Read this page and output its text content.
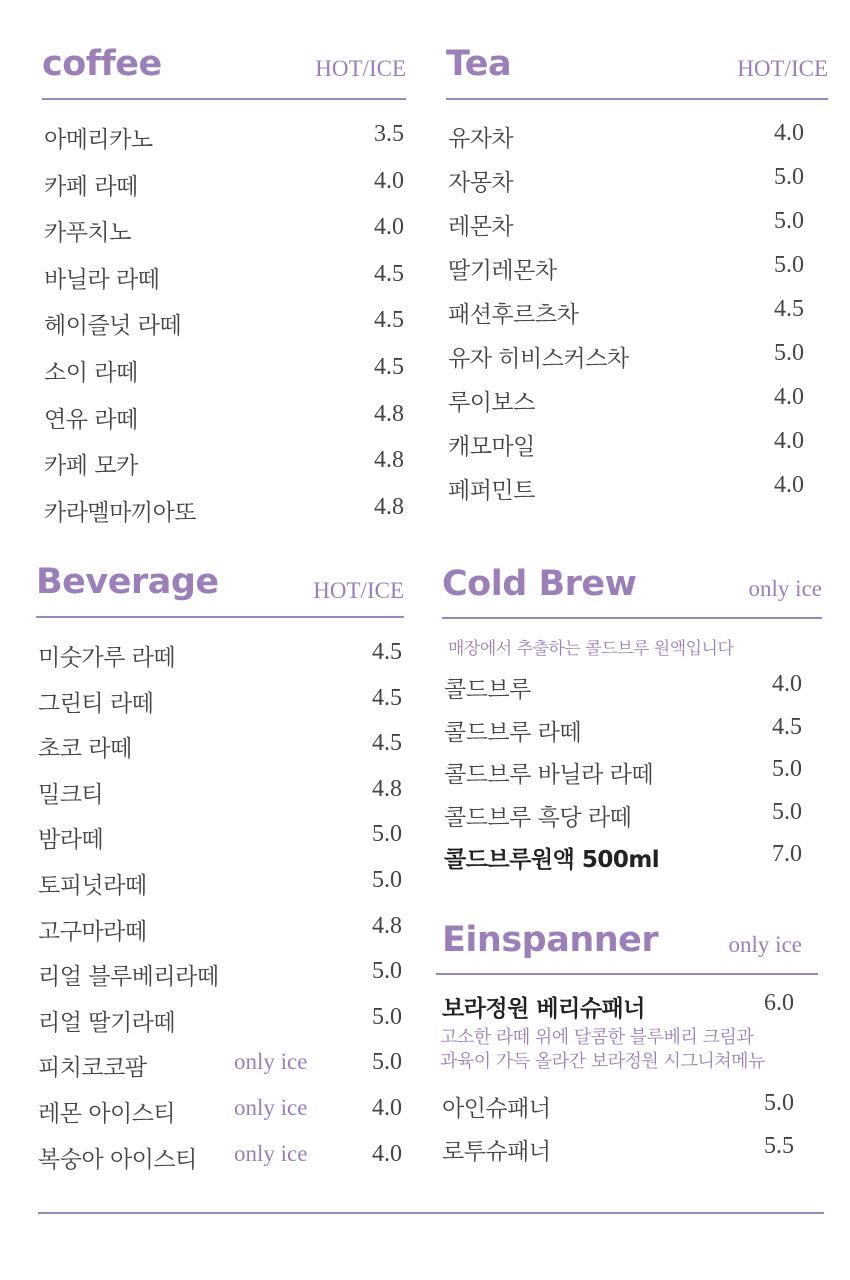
coffee	HOT/ICE
아메리카노	3.5
카페 라떼	4.0
카푸치노	4.0
바닐라 라떼	4.5
헤이즐넛 라떼	4.5
소이 라떼	4.5
연유 라떼	4.8
카페 모카	4.8
카라멜마끼아또	4.8
Tea	HOT/ICE
유자차	4.0
자몽차	5.0
레몬차	5.0
딸기레몬차	5.0
패션후르츠차	4.5
유자 히비스커스차	5.0
루이보스	4.0
캐모마일	4.0
페퍼민트	4.0
Beverage	HOT/ICE
미숫가루 라떼	4.5
그린티 라떼	4.5
초코 라떼	4.5
밀크티	4.8
밤라떼	5.0
토피넛라떼	5.0
고구마라떼	4.8
리얼 블루베리라떼	5.0
리얼 딸기라떼	5.0
피치코코팜	only ice	5.0
레몬 아이스티	only ice	4.0
복숭아 아이스티 only ice	4.0
Cold Brew	only ice
매장에서 추출하는 콜드브루 원액입니다
콜드브루	4.0
콜드브루 라떼	4.5
콜드브루 바닐라 라떼	5.0
콜드브루 흑당 라떼	5.0
콜드브루원액 500ml	7.0
Einspanner	only ice
보라정원 베리슈패너	6.0
고소한 라떼 위에 달콤한 블루베리 크림과
과육이 가득 올라간 보라정원 시그니쳐메뉴
아인슈패너	5.0
로투슈패너	5.5
